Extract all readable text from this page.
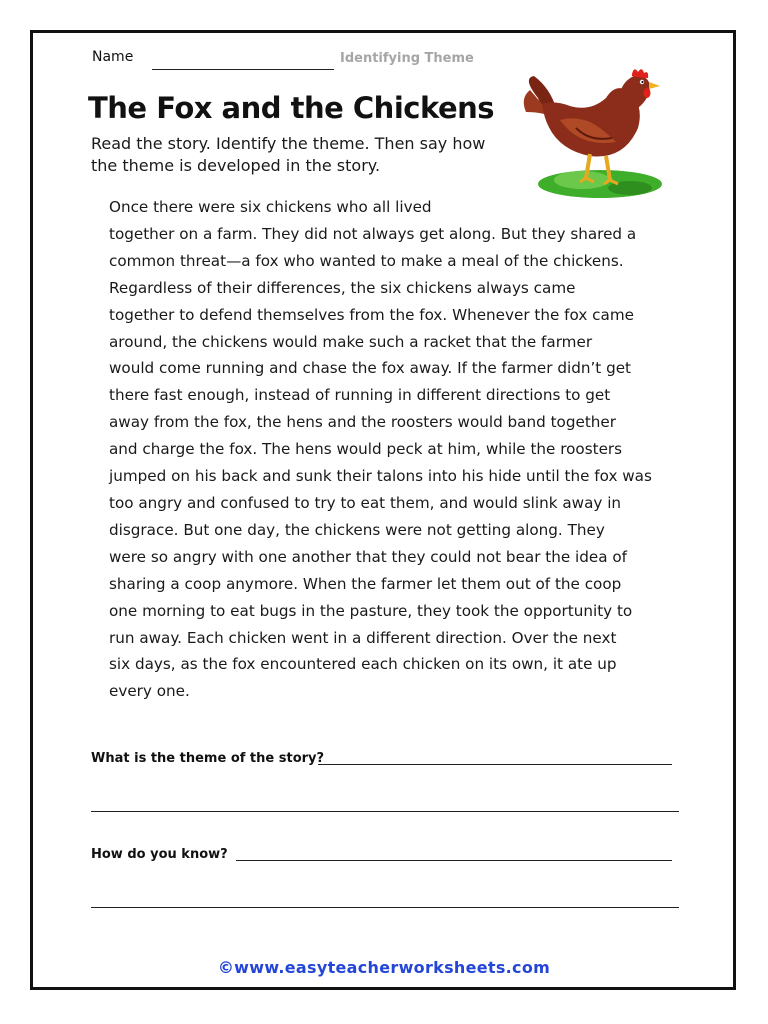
Name	Identifying Theme
The Fox and the Chickens
Read the story. Identify the theme. Then say how the theme is developed in the story.
Once there were six chickens who all lived
together on a farm. They did not always get along. But they shared a
common threat—a fox who wanted to make a meal of the chickens.
Regardless of their differences, the six chickens always came
together to defend themselves from the fox. Whenever the fox came
around, the chickens would make such a racket that the farmer
would come running and chase the fox away. If the farmer didn’t get
there fast enough, instead of running in different directions to get
away from the fox, the hens and the roosters would band together
and charge the fox. The hens would peck at him, while the roosters
jumped on his back and sunk their talons into his hide until the fox was
too angry and confused to try to eat them, and would slink away in
disgrace. But one day, the chickens were not getting along. They
were so angry with one another that they could not bear the idea of
sharing a coop anymore. When the farmer let them out of the coop
one morning to eat bugs in the pasture, they took the opportunity to
run away. Each chicken went in a different direction. Over the next
six days, as the fox encountered each chicken on its own, it ate up
every one.
What is the theme of the story?
How do you know?
©www.easyteacherworksheets.com
